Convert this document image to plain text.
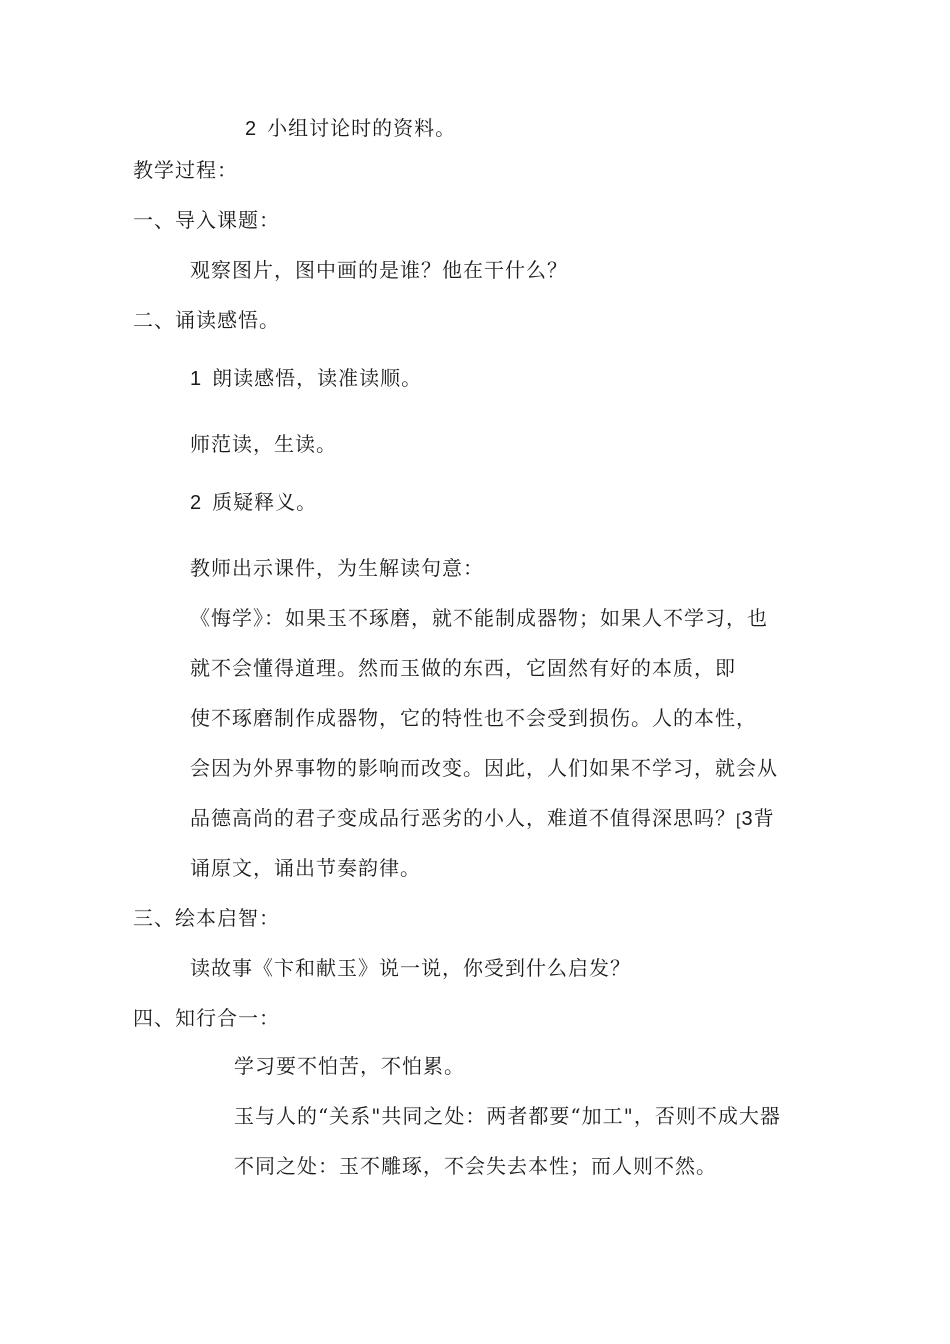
2 小组讨论时的资料。
教学过程：
一、导入课题：
观察图片，图中画的是谁？他在干什么？
二、诵读感悟。
1 朗读感悟，读准读顺。
师范读，生读。
2 质疑释义。
教师出示课件，为生解读句意：
《悔学》：如果玉不琢磨，就不能制成器物；如果人不学习，也
就不会懂得道理。然而玉做的东西，它固然有好的本质，即
使不琢磨制作成器物，它的特性也不会受到损伤。人的本性，
会因为外界事物的影响而改变。因此，人们如果不学习，就会从
品德高尚的君子变成品行恶劣的小人，难道不值得深思吗？[3背
诵原文，诵出节奏韵律。
三、绘本启智：
读故事《卞和献玉》说一说，你受到什么启发？
四、知行合一：
学习要不怕苦，不怕累。
玉与人的“关系"共同之处：两者都要“加工"，否则不成大器
不同之处：玉不雕琢，不会失去本性；而人则不然。
